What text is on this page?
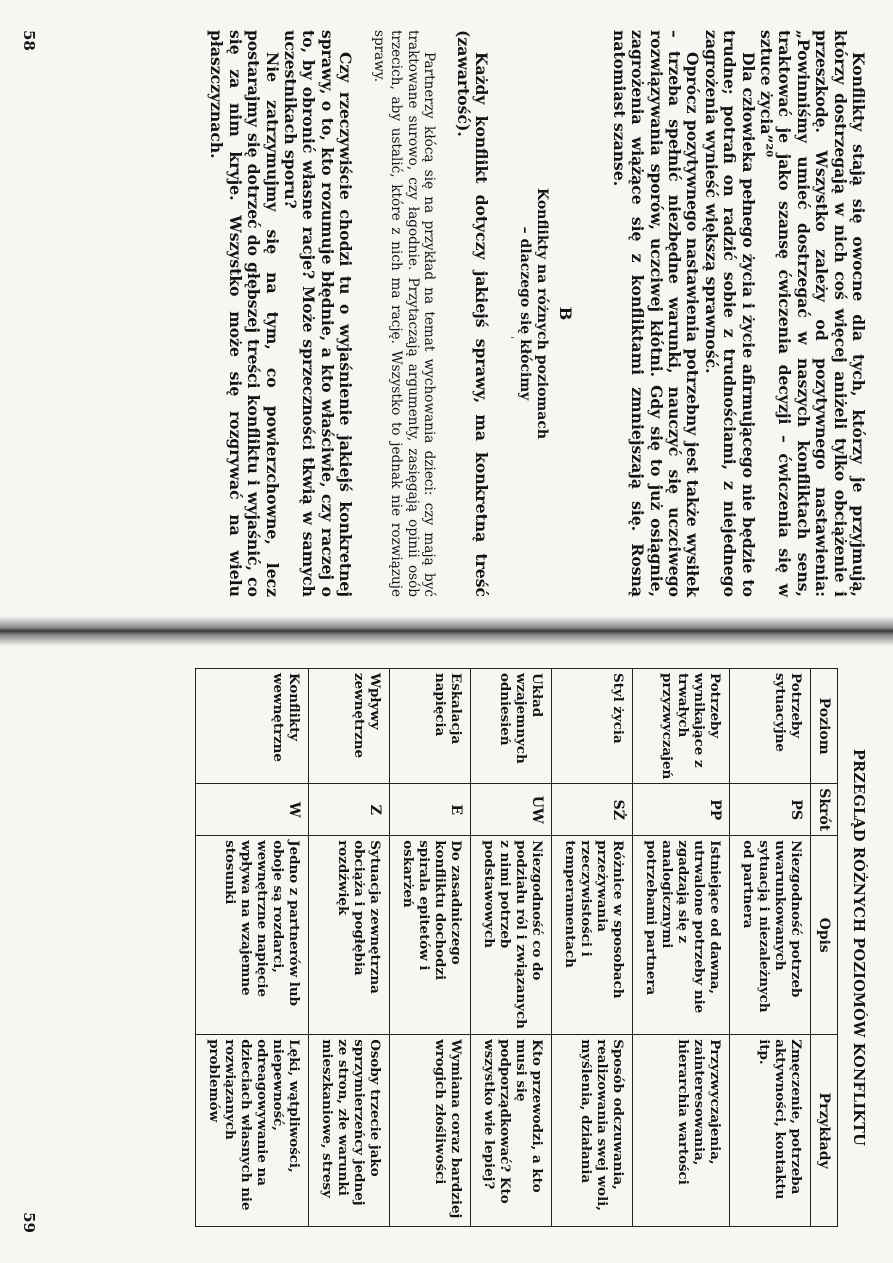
Konflikty stają się owocne dla tych, którzy je przyjmują, którzy dostrzegają w nich coś więcej aniżeli tylko obciążenie i przeszkodę. Wszystko zależy od pozytywnego nastawienia: „Powinniśmy umieć dostrzegać w naszych konfliktach sens, traktować je jako szansę ćwiczenia decyzji – ćwiczenia się w sztuce życia”²⁰

Dla człowieka pełnego życia i życie afirmującego nie będzie to trudne; potrafi on radzić sobie z trudnościami, z niejednego zagrożenia wynieść większą sprawność.

Oprócz pozytywnego nastawienia potrzebny jest także wysiłek – trzeba spełnić niezbędne warunki, nauczyć się uczciwego rozwiązywania sporów, uczciwej kłótni. Gdy się to już osiągnie, zagrożenia wiążące się z konfliktami zmniejszają się. Rosną natomiast szanse.

B
Konflikty na różnych poziomach
– dlaczego się kłócimy

Każdy konflikt dotyczy jakiejś sprawy, ma konkretną treść (zawartość).

Partnerzy kłócą się na przykład na temat wychowania dzieci: czy mają być traktowane surowo, czy łagodnie. Przytaczają argumenty, zasięgają opinii osób trzecich, aby ustalić, które z nich ma rację. Wszystko to jednak nie rozwiązuje sprawy.

Czy rzeczywiście chodzi tu o wyjaśnienie jakiejś konkretnej sprawy, o to, kto rozumuje błędnie, a kto właściwie, czy raczej o to, by obronić własne racje? Może sprzeczności tkwią w samych uczestnikach sporu?

Nie zatrzymujmy się na tym, co powierzchowne, lecz postarajmy się dotrzeć do głębszej treści konfliktu i wyjaśnić, co się za nim kryje. Wszystko może się rozgrywać na wielu płaszczyznach.

'
58
PRZEGLĄD RÓŻNYCH POZIOMÓW KONFLIKTU
Poziom	Skrót	Opis	Przykłady
Potrzeby sytuacyjne	PS	Niezgodność potrzeb uwarunkowanych sytuacją i niezależnych od partnera	Zmęczenie, potrzeba aktywności, kontaktu itp.
Potrzeby wynikające z trwałych przyzwyczajeń	PP	Istniejące od dawna, utrwalone potrzeby nie zgadzają się z analogicznymi potrzebami partnera	Przyzwyczajenia, zainteresowania, hierarchia wartości
Styl życia	SŻ	Różnice w sposobach przeżywania rzeczywistości i temperamentach	Sposób odczuwania, realizowania swej woli, myślenia, działania
Układ wzajemnych odniesień	UW	Niezgodność co do podziału ról i związanych z nimi potrzeb podstawowych	Kto przewodzi, a kto musi się podporządkować? Kto wszystko wie lepiej?
Eskalacja napięcia	E	Do zasadniczego konfliktu dochodzi spirala epitetów i oskarżeń	Wymiana coraz bardziej wrogich złośliwości
Wpływy zewnętrzne	Z	Sytuacja zewnętrzna obciąża i pogłębia rozdźwięk	Osoby trzecie jako sprzymierzeńcy jednej ze stron, złe warunki mieszkaniowe, stresy
Konflikty wewnętrzne	W	Jedno z partnerów lub oboje są rozdarci, wewnętrzne napięcie wpływa na wzajemne stosunki	Lęki, wątpliwości, niepewność, odreagowywanie na dzieciach własnych nie rozwiązanych problemów
59
